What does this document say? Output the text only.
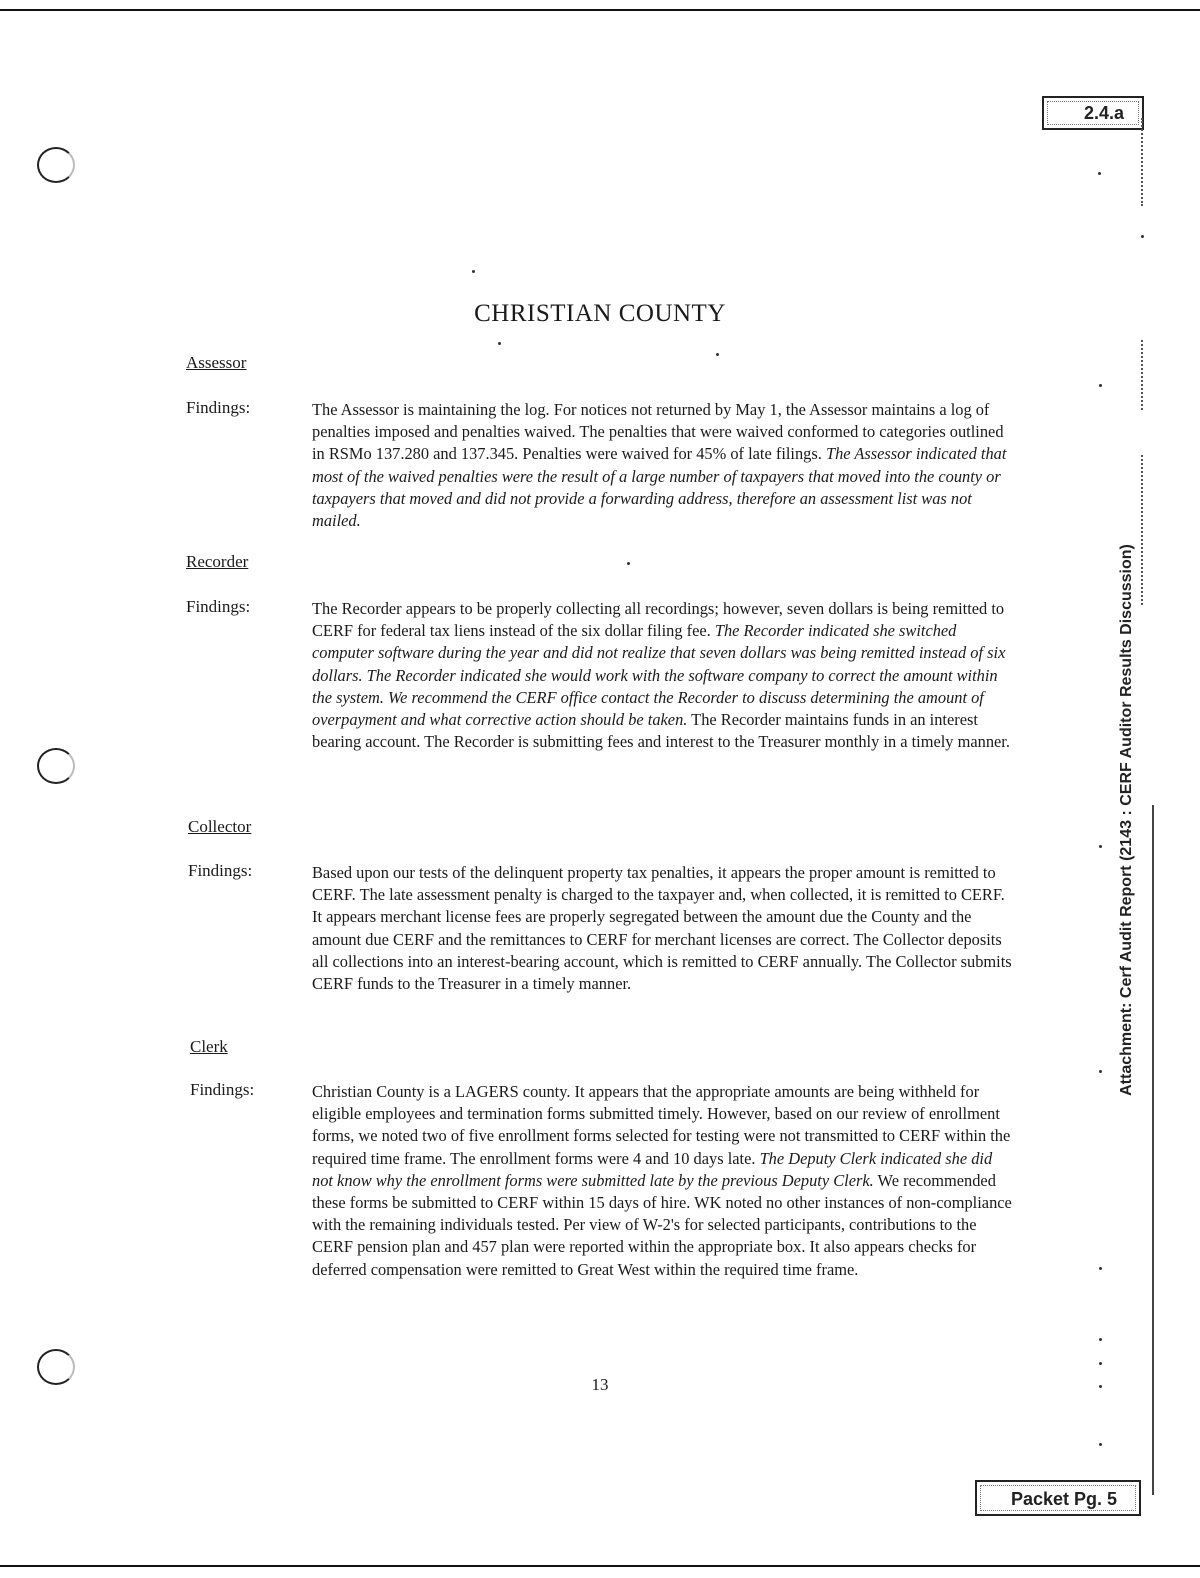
2.4.a
Attachment: Cerf Audit Report (2143 : CERF Auditor Results Discussion)
CHRISTIAN COUNTY
Assessor
Findings:	The Assessor is maintaining the log. For notices not returned by May 1, the Assessor maintains a log of penalties imposed and penalties waived. The penalties that were waived conformed to categories outlined in RSMo 137.280 and 137.345. Penalties were waived for 45% of late filings. The Assessor indicated that most of the waived penalties were the result of a large number of taxpayers that moved into the county or taxpayers that moved and did not provide a forwarding address, therefore an assessment list was not mailed.
Recorder
Findings:	The Recorder appears to be properly collecting all recordings; however, seven dollars is being remitted to CERF for federal tax liens instead of the six dollar filing fee. The Recorder indicated she switched computer software during the year and did not realize that seven dollars was being remitted instead of six dollars. The Recorder indicated she would work with the software company to correct the amount within the system. We recommend the CERF office contact the Recorder to discuss determining the amount of overpayment and what corrective action should be taken. The Recorder maintains funds in an interest bearing account. The Recorder is submitting fees and interest to the Treasurer monthly in a timely manner.
Collector
Findings:	Based upon our tests of the delinquent property tax penalties, it appears the proper amount is remitted to CERF. The late assessment penalty is charged to the taxpayer and, when collected, it is remitted to CERF. It appears merchant license fees are properly segregated between the amount due the County and the amount due CERF and the remittances to CERF for merchant licenses are correct. The Collector deposits all collections into an interest-bearing account, which is remitted to CERF annually. The Collector submits CERF funds to the Treasurer in a timely manner.
Clerk
Findings:	Christian County is a LAGERS county. It appears that the appropriate amounts are being withheld for eligible employees and termination forms submitted timely. However, based on our review of enrollment forms, we noted two of five enrollment forms selected for testing were not transmitted to CERF within the required time frame. The enrollment forms were 4 and 10 days late. The Deputy Clerk indicated she did not know why the enrollment forms were submitted late by the previous Deputy Clerk. We recommended these forms be submitted to CERF within 15 days of hire. WK noted no other instances of non-compliance with the remaining individuals tested. Per view of W-2's for selected participants, contributions to the CERF pension plan and 457 plan were reported within the appropriate box. It also appears checks for deferred compensation were remitted to Great West within the required time frame.
13
Packet Pg. 5
